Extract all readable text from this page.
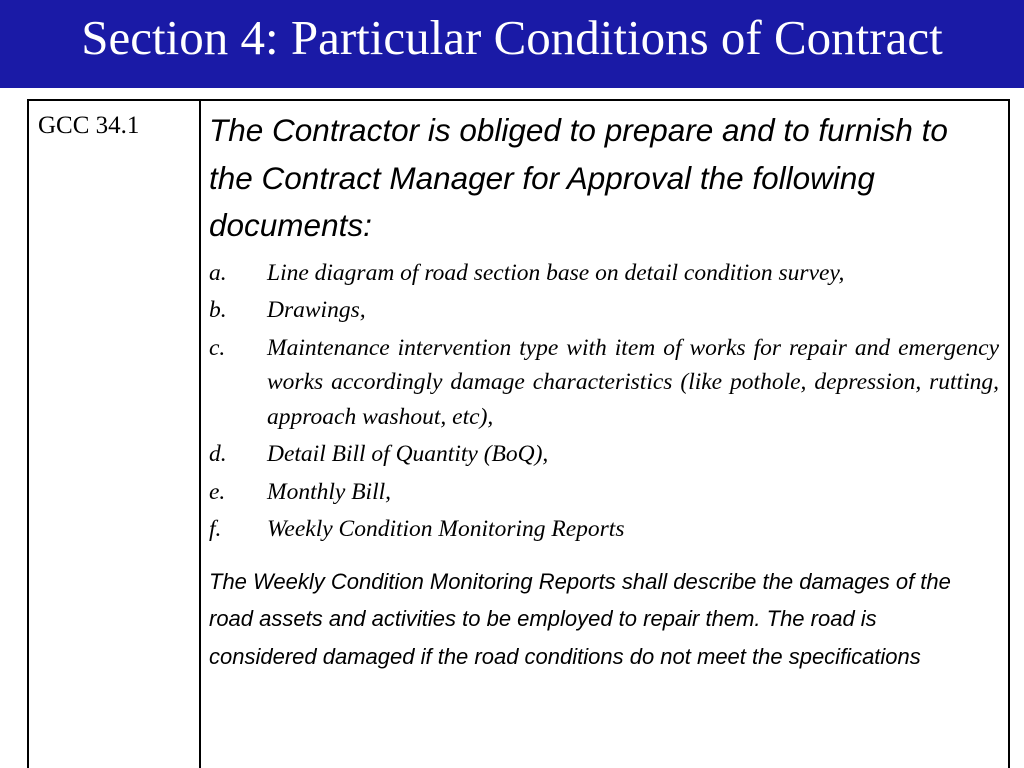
Section 4: Particular Conditions of Contract
GCC 34.1 The Contractor is obliged to prepare and to furnish to the Contract Manager for Approval the following documents:

a.	Line diagram of road section base on detail condition survey,
b.	Drawings,
c.	Maintenance intervention type with item of works for repair and emergency works accordingly damage characteristics (like pothole, depression, rutting, approach washout, etc),
d.	Detail Bill of Quantity (BoQ),
e.	Monthly Bill,
f.	Weekly Condition Monitoring Reports

The Weekly Condition Monitoring Reports shall describe the damages of the road assets and activities to be employed to repair them. The road is considered damaged if the road conditions do not meet the specifications
